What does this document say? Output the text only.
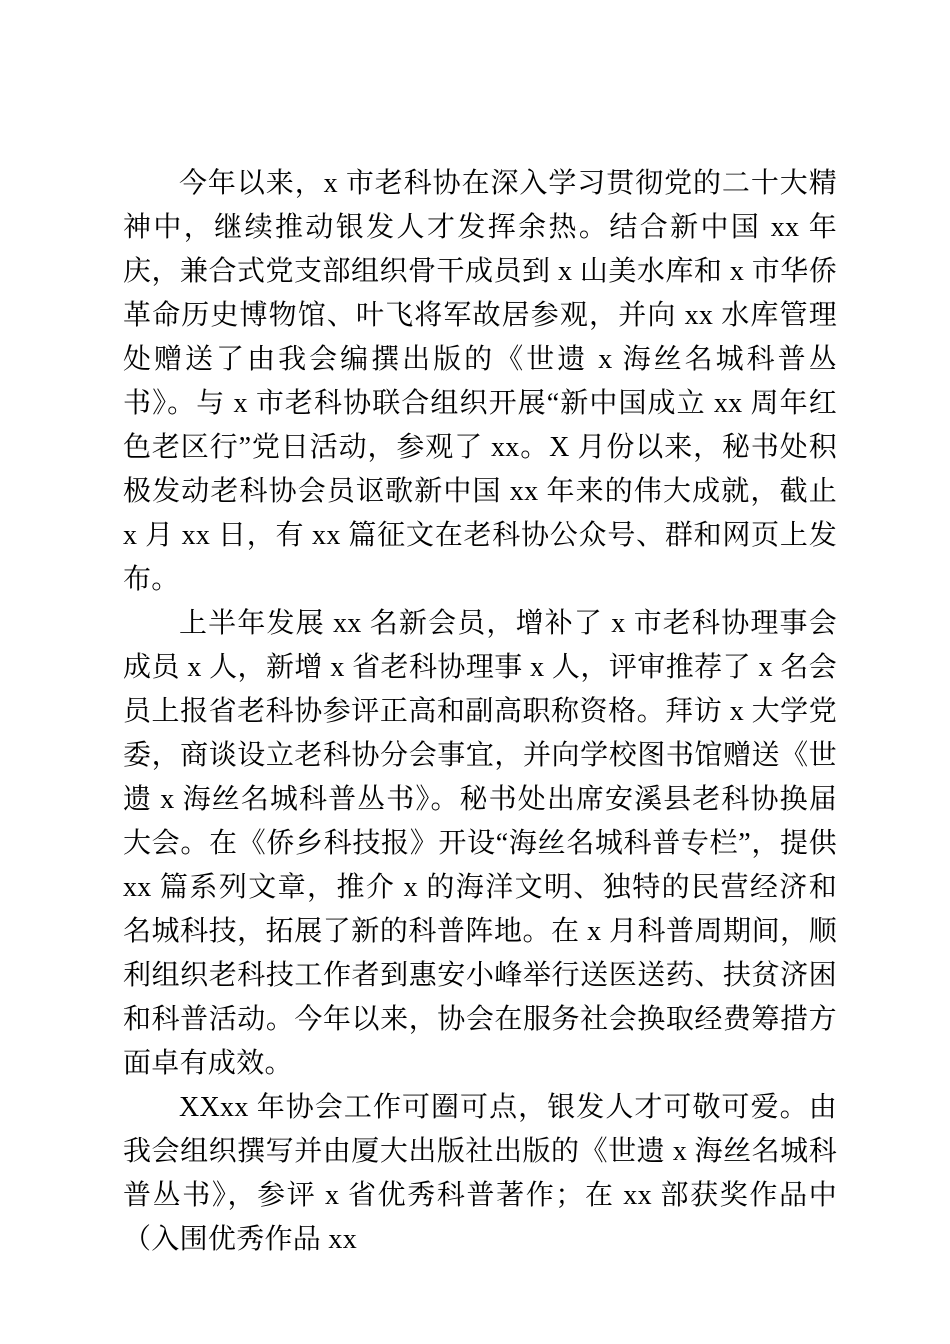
今年以来，x 市老科协在深入学习贯彻党的二十大精神中，继续推动银发人才发挥余热。结合新中国 xx 年庆，兼合式党支部组织骨干成员到 x 山美水库和 x 市华侨革命历史博物馆、叶飞将军故居参观，并向 xx 水库管理处赠送了由我会编撰出版的《世遗 x 海丝名城科普丛书》。与 x 市老科协联合组织开展“新中国成立 xx 周年红色老区行”党日活动，参观了 xx。X 月份以来，秘书处积极发动老科协会员讴歌新中国 xx 年来的伟大成就，截止 x 月 xx 日，有 xx 篇征文在老科协公众号、群和网页上发布。

上半年发展 xx 名新会员，增补了 x 市老科协理事会成员 x 人，新增 x 省老科协理事 x 人，评审推荐了 x 名会员上报省老科协参评正高和副高职称资格。拜访 x 大学党委，商谈设立老科协分会事宜，并向学校图书馆赠送《世遗 x 海丝名城科普丛书》。秘书处出席安溪县老科协换届大会。在《侨乡科技报》开设“海丝名城科普专栏”，提供 xx 篇系列文章，推介 x 的海洋文明、独特的民营经济和名城科技，拓展了新的科普阵地。在 x 月科普周期间，顺利组织老科技工作者到惠安小峰举行送医送药、扶贫济困和科普活动。今年以来，协会在服务社会换取经费筹措方面卓有成效。

XXxx 年协会工作可圈可点，银发人才可敬可爱。由我会组织撰写并由厦大出版社出版的《世遗 x 海丝名城科普丛书》，参评 x 省优秀科普著作；在 xx 部获奖作品中（入围优秀作品 xx
